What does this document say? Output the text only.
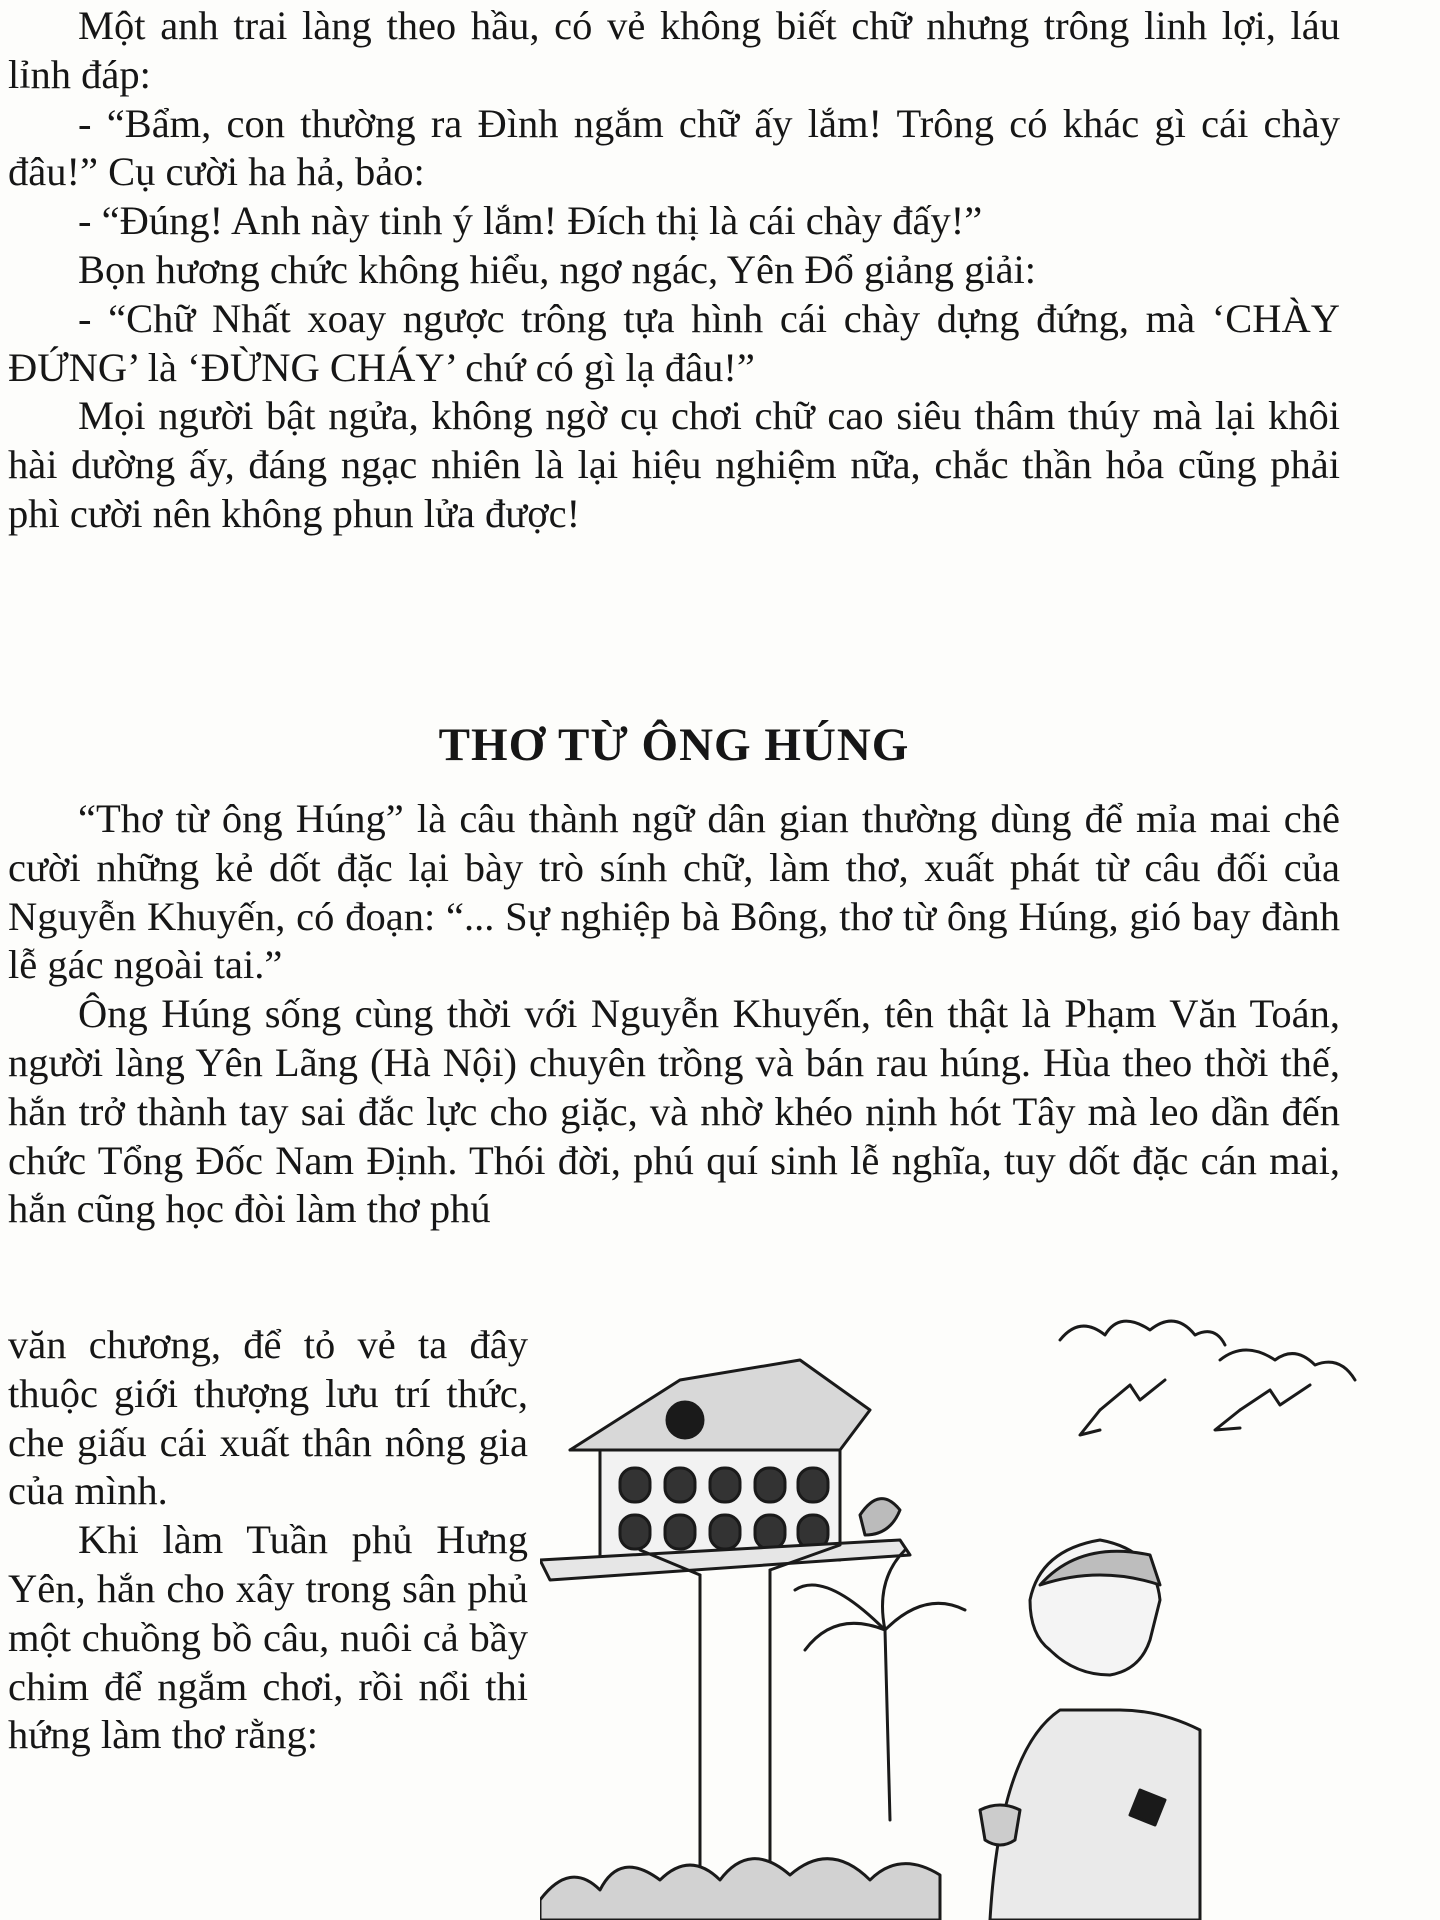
Một anh trai làng theo hầu, có vẻ không biết chữ nhưng trông linh lợi, láu lỉnh đáp:

- “Bẩm, con thường ra Đình ngắm chữ ấy lắm! Trông có khác gì cái chày đâu!” Cụ cười ha hả, bảo:

- “Đúng! Anh này tinh ý lắm! Đích thị là cái chày đấy!”

Bọn hương chức không hiểu, ngơ ngác, Yên Đổ giảng giải:

- “Chữ Nhất xoay ngược trông tựa hình cái chày dựng đứng, mà ‘CHÀY ĐỨNG’ là ‘ĐỪNG CHÁY’ chứ có gì lạ đâu!”

Mọi người bật ngửa, không ngờ cụ chơi chữ cao siêu thâm thúy mà lại khôi hài dường ấy, đáng ngạc nhiên là lại hiệu nghiệm nữa, chắc thần hỏa cũng phải phì cười nên không phun lửa được!

THƠ TỪ ÔNG HÚNG

“Thơ từ ông Húng” là câu thành ngữ dân gian thường dùng để mỉa mai chê cười những kẻ dốt đặc lại bày trò sính chữ, làm thơ, xuất phát từ câu đối của Nguyễn Khuyến, có đoạn: “... Sự nghiệp bà Bông, thơ từ ông Húng, gió bay đành lễ gác ngoài tai.”

Ông Húng sống cùng thời với Nguyễn Khuyến, tên thật là Phạm Văn Toán, người làng Yên Lãng (Hà Nội) chuyên trồng và bán rau húng. Hùa theo thời thế, hắn trở thành tay sai đắc lực cho giặc, và nhờ khéo nịnh hót Tây mà leo dần đến chức Tổng Đốc Nam Định. Thói đời, phú quí sinh lễ nghĩa, tuy dốt đặc cán mai, hắn cũng học đòi làm thơ phú

văn chương, để tỏ vẻ ta đây thuộc giới thượng lưu trí thức, che giấu cái xuất thân nông gia của mình.

Khi làm Tuần phủ Hưng Yên, hắn cho xây trong sân phủ một chuồng bồ câu, nuôi cả bầy chim để ngắm chơi, rồi nổi thi hứng làm thơ rằng:
